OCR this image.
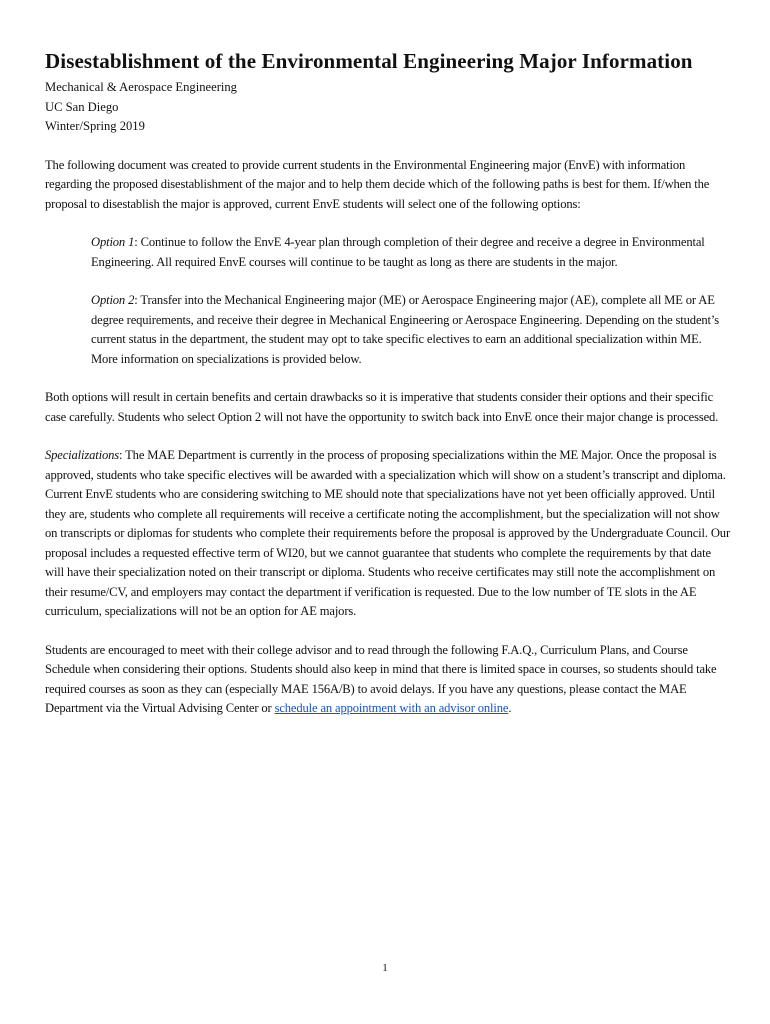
Disestablishment of the Environmental Engineering Major Information

Mechanical & Aerospace Engineering

UC San Diego

Winter/Spring 2019

The following document was created to provide current students in the Environmental Engineering major (EnvE) with information regarding the proposed disestablishment of the major and to help them decide which of the following paths is best for them. If/when the proposal to disestablish the major is approved, current EnvE students will select one of the following options:

Option 1: Continue to follow the EnvE 4-year plan through completion of their degree and receive a degree in Environmental Engineering. All required EnvE courses will continue to be taught as long as there are students in the major.

Option 2: Transfer into the Mechanical Engineering major (ME) or Aerospace Engineering major (AE), complete all ME or AE degree requirements, and receive their degree in Mechanical Engineering or Aerospace Engineering. Depending on the student’s current status in the department, the student may opt to take specific electives to earn an additional specialization within ME. More information on specializations is provided below.

Both options will result in certain benefits and certain drawbacks so it is imperative that students consider their options and their specific case carefully. Students who select Option 2 will not have the opportunity to switch back into EnvE once their major change is processed.

Specializations: The MAE Department is currently in the process of proposing specializations within the ME Major. Once the proposal is approved, students who take specific electives will be awarded with a specialization which will show on a student’s transcript and diploma. Current EnvE students who are considering switching to ME should note that specializations have not yet been officially approved. Until they are, students who complete all requirements will receive a certificate noting the accomplishment, but the specialization will not show on transcripts or diplomas for students who complete their requirements before the proposal is approved by the Undergraduate Council. Our proposal includes a requested effective term of WI20, but we cannot guarantee that students who complete the requirements by that date will have their specialization noted on their transcript or diploma. Students who receive certificates may still note the accomplishment on their resume/CV, and employers may contact the department if verification is requested. Due to the low number of TE slots in the AE curriculum, specializations will not be an option for AE majors.

Students are encouraged to meet with their college advisor and to read through the following F.A.Q., Curriculum Plans, and Course Schedule when considering their options. Students should also keep in mind that there is limited space in courses, so students should take required courses as soon as they can (especially MAE 156A/B) to avoid delays. If you have any questions, please contact the MAE Department via the Virtual Advising Center or schedule an appointment with an advisor online.

1
